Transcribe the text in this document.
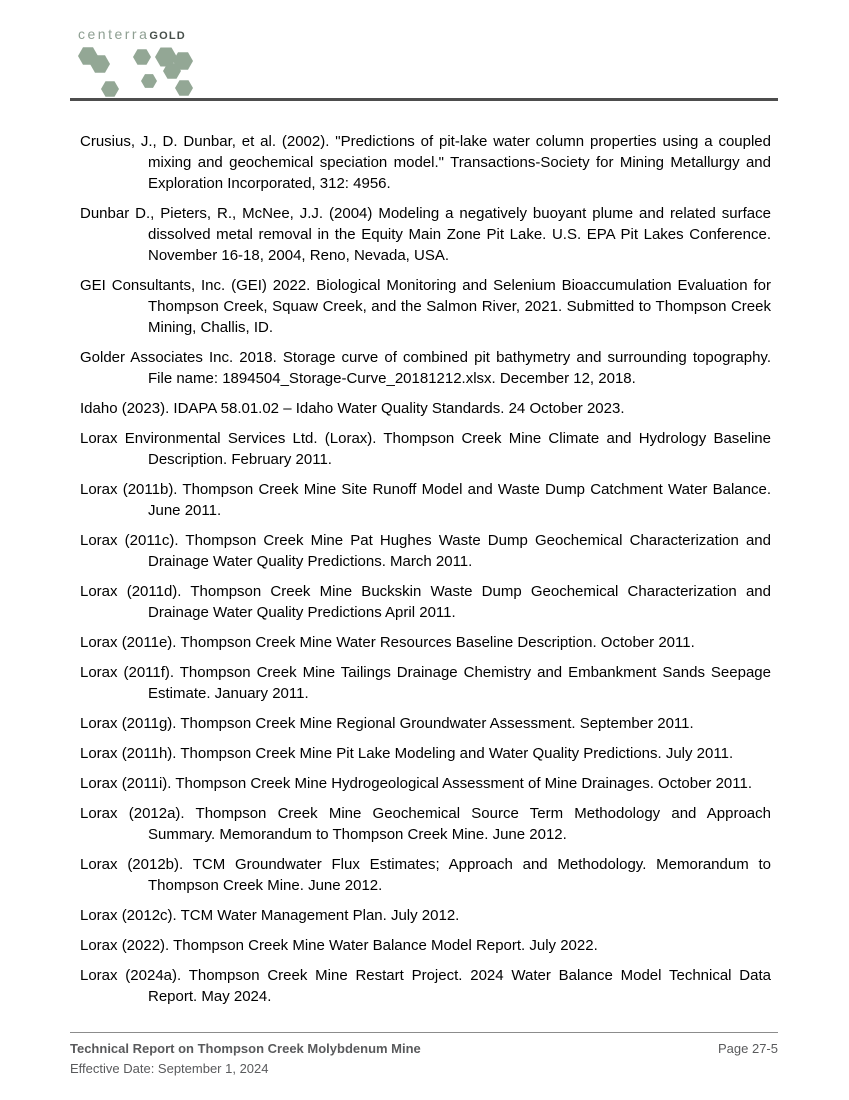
centerraGOLD

Crusius, J., D. Dunbar, et al. (2002). "Predictions of pit-lake water column properties using a coupled mixing and geochemical speciation model." Transactions-Society for Mining Metallurgy and Exploration Incorporated, 312: 4956.

Dunbar D., Pieters, R., McNee, J.J. (2004) Modeling a negatively buoyant plume and related surface dissolved metal removal in the Equity Main Zone Pit Lake. U.S. EPA Pit Lakes Conference. November 16-18, 2004, Reno, Nevada, USA.

GEI Consultants, Inc. (GEI) 2022. Biological Monitoring and Selenium Bioaccumulation Evaluation for Thompson Creek, Squaw Creek, and the Salmon River, 2021. Submitted to Thompson Creek Mining, Challis, ID.

Golder Associates Inc. 2018. Storage curve of combined pit bathymetry and surrounding topography. File name: 1894504_Storage-Curve_20181212.xlsx. December 12, 2018.

Idaho (2023). IDAPA 58.01.02 – Idaho Water Quality Standards. 24 October 2023.

Lorax Environmental Services Ltd. (Lorax). Thompson Creek Mine Climate and Hydrology Baseline Description. February 2011.

Lorax (2011b). Thompson Creek Mine Site Runoff Model and Waste Dump Catchment Water Balance. June 2011.

Lorax (2011c). Thompson Creek Mine Pat Hughes Waste Dump Geochemical Characterization and Drainage Water Quality Predictions. March 2011.

Lorax (2011d). Thompson Creek Mine Buckskin Waste Dump Geochemical Characterization and Drainage Water Quality Predictions April 2011.

Lorax (2011e). Thompson Creek Mine Water Resources Baseline Description. October 2011.

Lorax (2011f). Thompson Creek Mine Tailings Drainage Chemistry and Embankment Sands Seepage Estimate. January 2011.

Lorax (2011g). Thompson Creek Mine Regional Groundwater Assessment. September 2011.

Lorax (2011h). Thompson Creek Mine Pit Lake Modeling and Water Quality Predictions. July 2011.

Lorax (2011i). Thompson Creek Mine Hydrogeological Assessment of Mine Drainages. October 2011.

Lorax (2012a). Thompson Creek Mine Geochemical Source Term Methodology and Approach Summary. Memorandum to Thompson Creek Mine. June 2012.

Lorax (2012b). TCM Groundwater Flux Estimates; Approach and Methodology. Memorandum to Thompson Creek Mine. June 2012.

Lorax (2012c). TCM Water Management Plan. July 2012.

Lorax (2022). Thompson Creek Mine Water Balance Model Report. July 2022.

Lorax (2024a). Thompson Creek Mine Restart Project. 2024 Water Balance Model Technical Data Report. May 2024.

Technical Report on Thompson Creek Molybdenum Mine
Effective Date: September 1, 2024
Page 27-5
